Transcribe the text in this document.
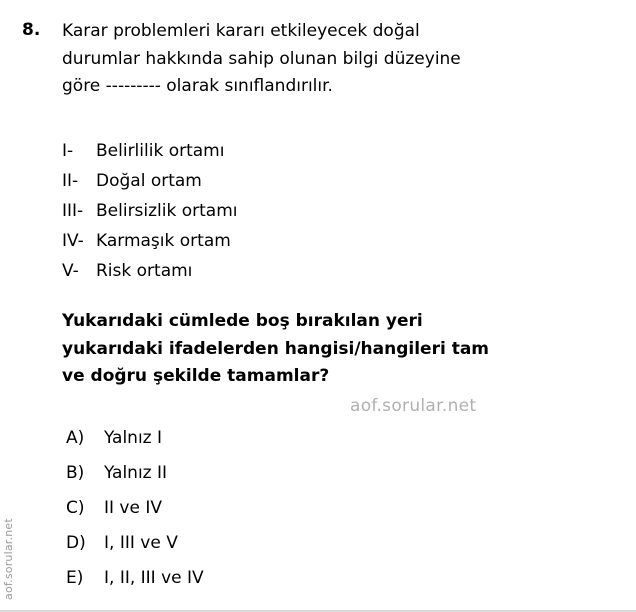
8. Karar problemleri kararı etkileyecek doğal
durumlar hakkında sahip olunan bilgi düzeyine
göre --------- olarak sınıflandırılır.
I-	Belirlilik ortamı
II-	Doğal ortam
III- Belirsizlik ortamı
IV- Karmaşık ortam
V-	Risk ortamı
Yukarıdaki cümlede boş bırakılan yeri
yukarıdaki ifadelerden hangisi/hangileri tam
ve doğru şekilde tamamlar?
A)	Yalnız I
B)	Yalnız II
C)	II ve IV
D)	I, III ve V
E)	I, II, III ve IV
aof.sorular.net
aof.sorular.net
